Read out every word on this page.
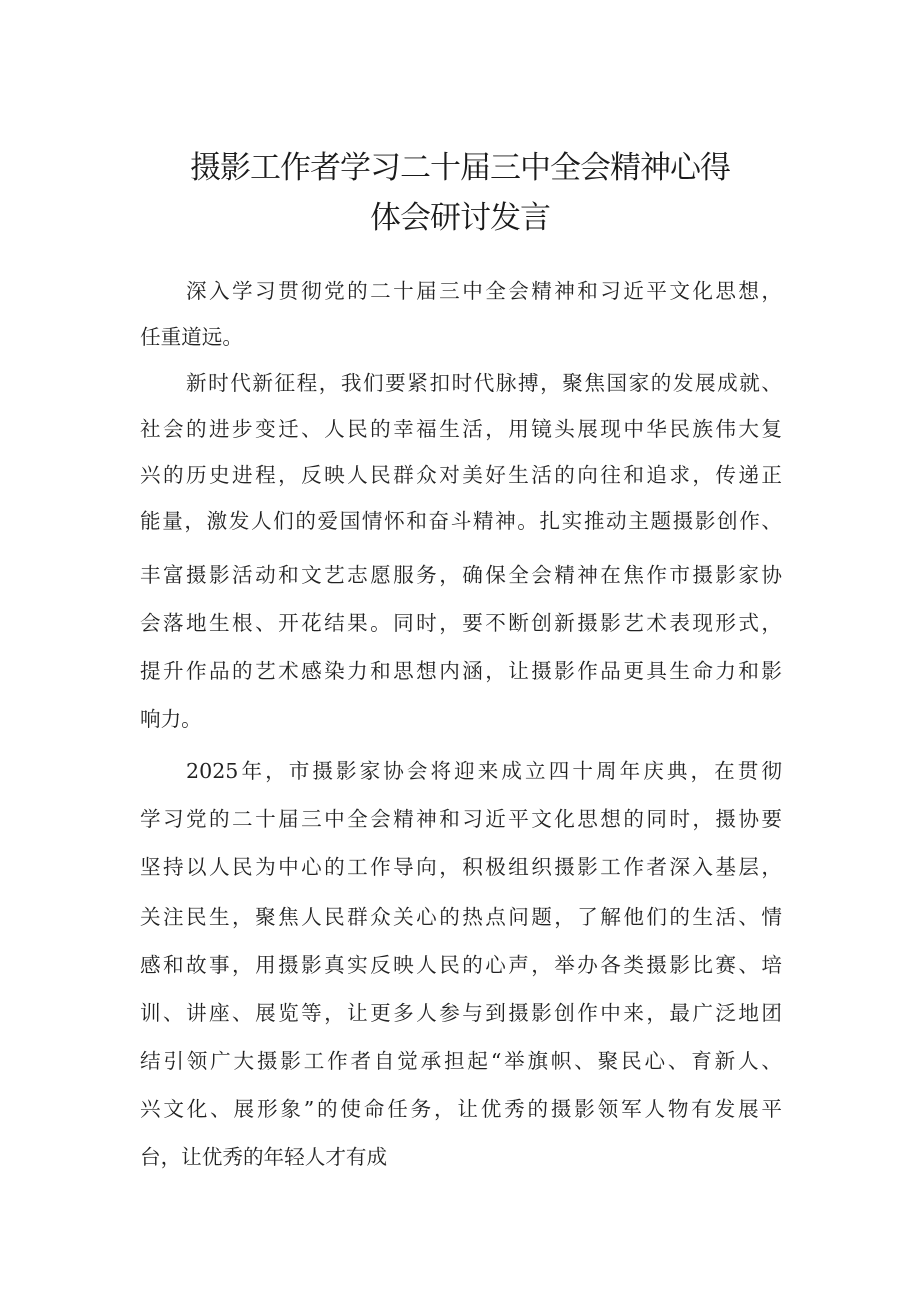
摄影工作者学习二十届三中全会精神心得
体会研讨发言
深入学习贯彻党的二十届三中全会精神和习近平文化思想，
任重道远。
新时代新征程，我们要紧扣时代脉搏，聚焦国家的发展成就、
社会的进步变迁、人民的幸福生活，用镜头展现中华民族伟大复
兴的历史进程，反映人民群众对美好生活的向往和追求，传递正
能量，激发人们的爱国情怀和奋斗精神。扎实推动主题摄影创作、
丰富摄影活动和文艺志愿服务，确保全会精神在焦作市摄影家协
会落地生根、开花结果。同时，要不断创新摄影艺术表现形式，
提升作品的艺术感染力和思想内涵，让摄影作品更具生命力和影
响力。
2025年，市摄影家协会将迎来成立四十周年庆典，在贯彻
学习党的二十届三中全会精神和习近平文化思想的同时，摄协要
坚持以人民为中心的工作导向，积极组织摄影工作者深入基层，
关注民生，聚焦人民群众关心的热点问题，了解他们的生活、情
感和故事，用摄影真实反映人民的心声，举办各类摄影比赛、培
训、讲座、展览等，让更多人参与到摄影创作中来，最广泛地团
结引领广大摄影工作者自觉承担起“举旗帜、聚民心、育新人、
兴文化、展形象”的使命任务，让优秀的摄影领军人物有发展平
台，让优秀的年轻人才有成
